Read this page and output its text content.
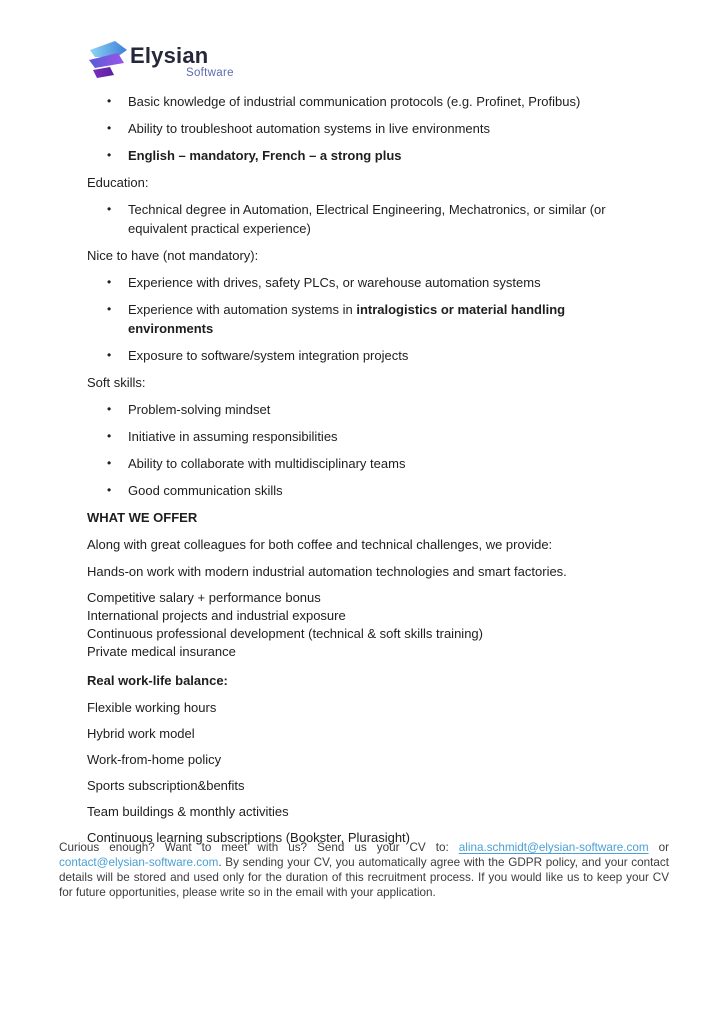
Elysian
Software
• Basic knowledge of industrial communication protocols (e.g. Profinet, Profibus)
• Ability to troubleshoot automation systems in live environments
• English – mandatory, French – a strong plus

Education:

• Technical degree in Automation, Electrical Engineering, Mechatronics, or similar (or equivalent practical experience)

Nice to have (not mandatory):

• Experience with drives, safety PLCs, or warehouse automation systems
• Experience with automation systems in intralogistics or material handling environments
• Exposure to software/system integration projects

Soft skills:

• Problem-solving mindset
• Initiative in assuming responsibilities
• Ability to collaborate with multidisciplinary teams
• Good communication skills

WHAT WE OFFER

Along with great colleagues for both coffee and technical challenges, we provide:

Hands-on work with modern industrial automation technologies and smart factories.

Competitive salary + performance bonus
International projects and industrial exposure
Continuous professional development (technical & soft skills training)
Private medical insurance

Real work-life balance:

Flexible working hours

Hybrid work model

Work-from-home policy

Sports subscription&benfits

Team buildings & monthly activities

Continuous learning subscriptions (Bookster, Plurasight)

Curious enough? Want to meet with us? Send us your CV to: alina.schmidt@elysian-software.com or contact@elysian-software.com. By sending your CV, you automatically agree with the GDPR policy, and your contact details will be stored and used only for the duration of this recruitment process. If you would like us to keep your CV for future opportunities, please write so in the email with your application.
